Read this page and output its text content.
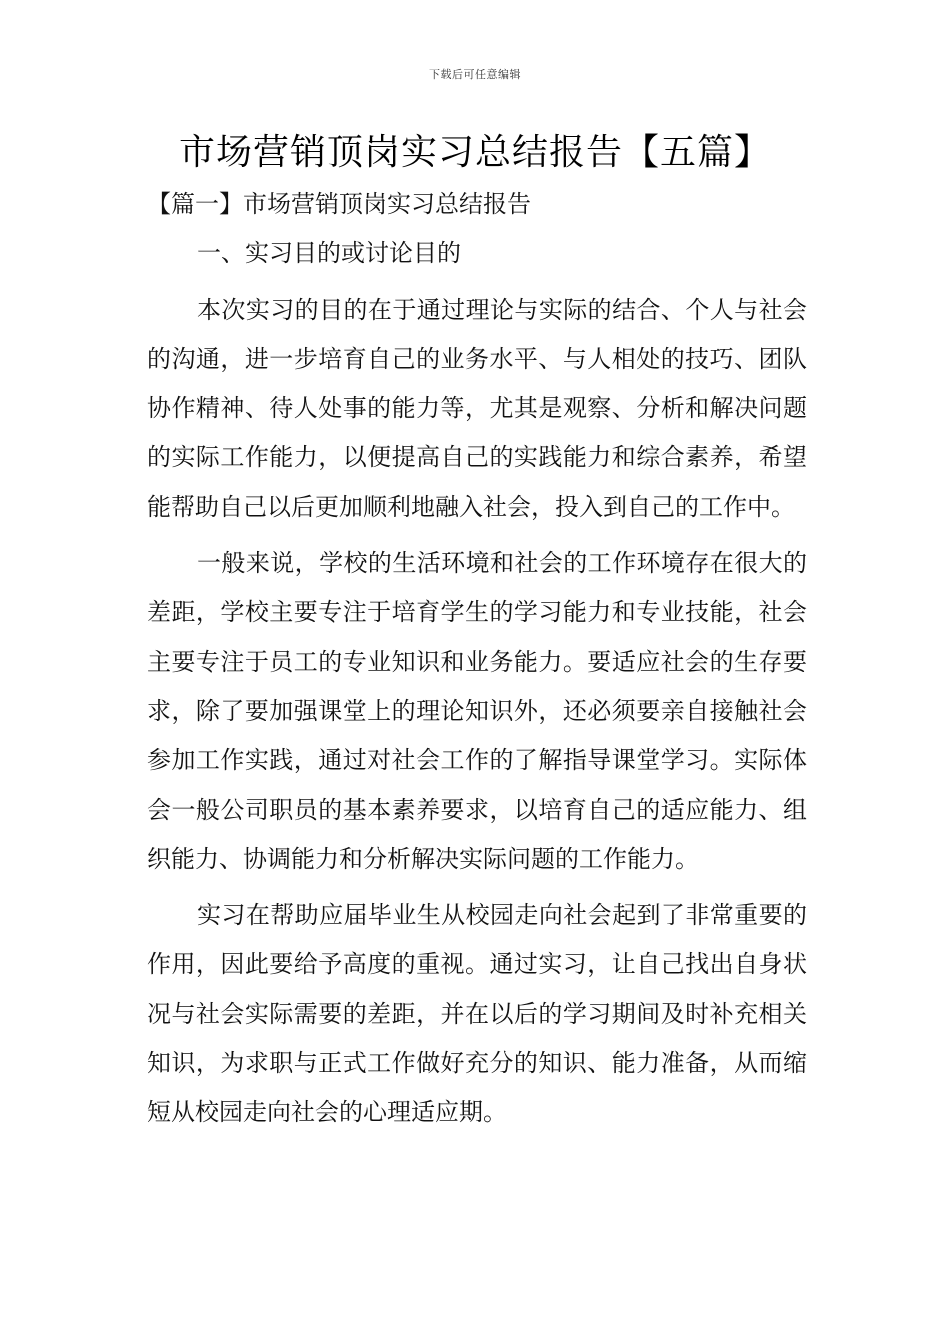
下载后可任意编辑
市场营销顶岗实习总结报告【五篇】

【篇一】市场营销顶岗实习总结报告

一、实习目的或讨论目的

本次实习的目的在于通过理论与实际的结合、个人与社会的沟通，进一步培育自己的业务水平、与人相处的技巧、团队协作精神、待人处事的能力等，尤其是观察、分析和解决问题的实际工作能力，以便提高自己的实践能力和综合素养，希望能帮助自己以后更加顺利地融入社会，投入到自己的工作中。

一般来说，学校的生活环境和社会的工作环境存在很大的差距，学校主要专注于培育学生的学习能力和专业技能，社会主要专注于员工的专业知识和业务能力。要适应社会的生存要求，除了要加强课堂上的理论知识外，还必须要亲自接触社会参加工作实践，通过对社会工作的了解指导课堂学习。实际体会一般公司职员的基本素养要求，以培育自己的适应能力、组织能力、协调能力和分析解决实际问题的工作能力。

实习在帮助应届毕业生从校园走向社会起到了非常重要的作用，因此要给予高度的重视。通过实习，让自己找出自身状况与社会实际需要的差距，并在以后的学习期间及时补充相关知识，为求职与正式工作做好充分的知识、能力准备，从而缩短从校园走向社会的心理适应期。
